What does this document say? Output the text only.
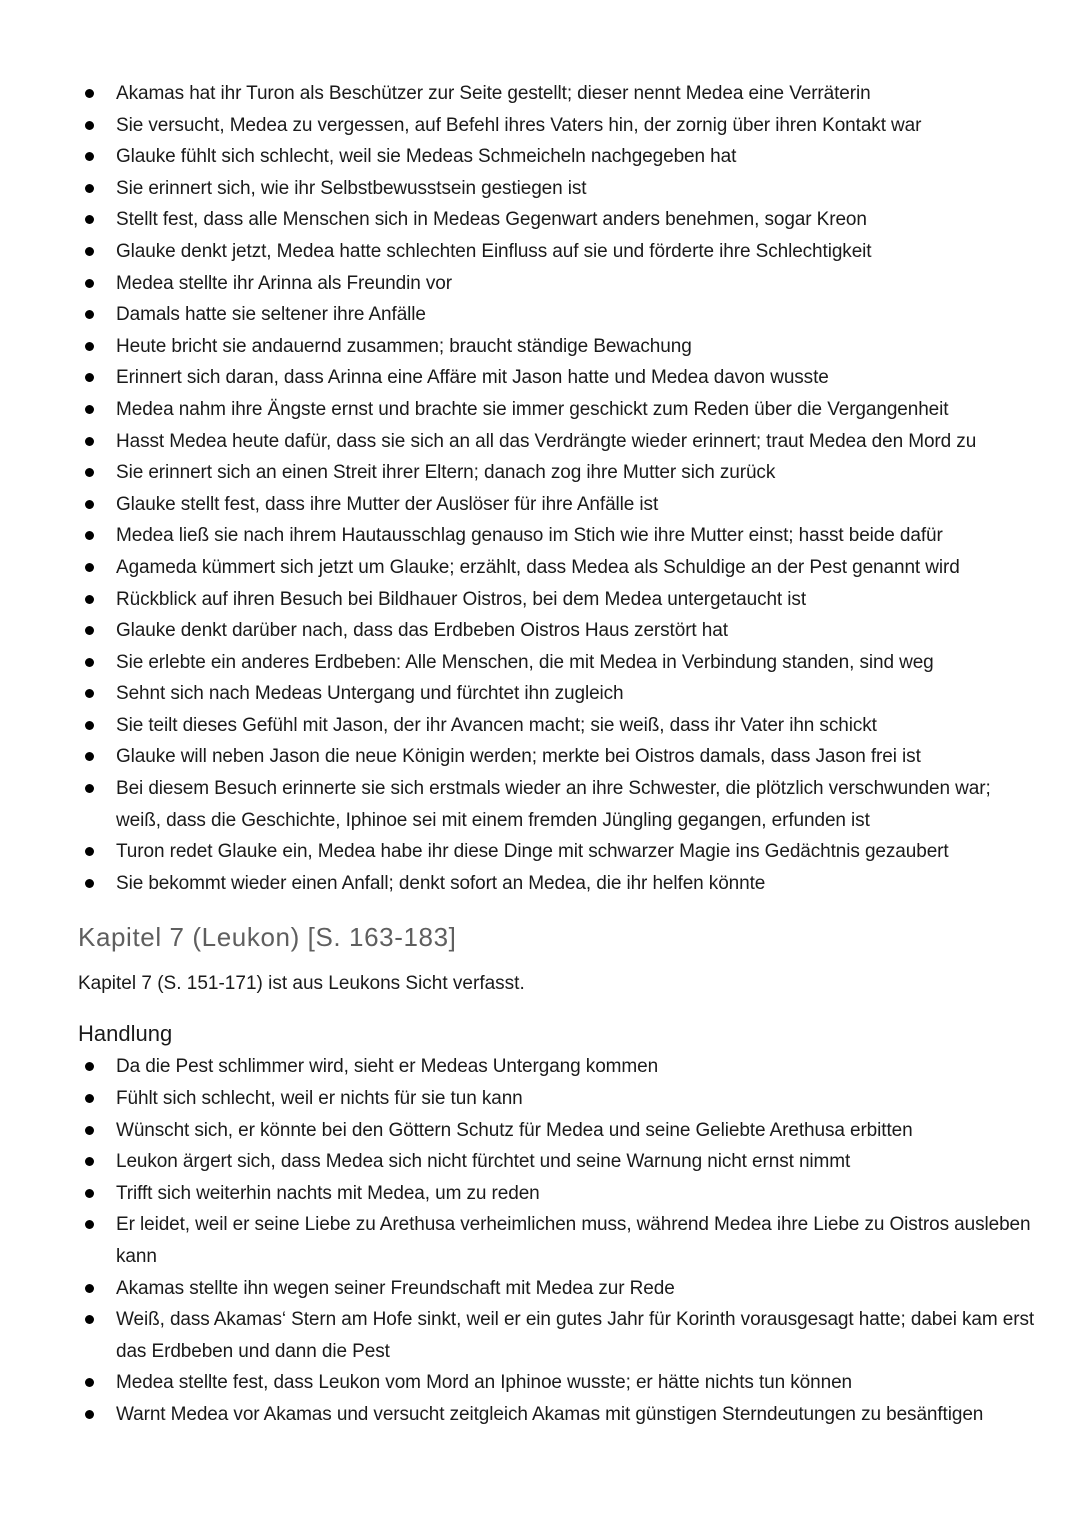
Akamas hat ihr Turon als Beschützer zur Seite gestellt; dieser nennt Medea eine Verräterin
Sie versucht, Medea zu vergessen, auf Befehl ihres Vaters hin, der zornig über ihren Kontakt war
Glauke fühlt sich schlecht, weil sie Medeas Schmeicheln nachgegeben hat
Sie erinnert sich, wie ihr Selbstbewusstsein gestiegen ist
Stellt fest, dass alle Menschen sich in Medeas Gegenwart anders benehmen, sogar Kreon
Glauke denkt jetzt, Medea hatte schlechten Einfluss auf sie und förderte ihre Schlechtigkeit
Medea stellte ihr Arinna als Freundin vor
Damals hatte sie seltener ihre Anfälle
Heute bricht sie andauernd zusammen; braucht ständige Bewachung
Erinnert sich daran, dass Arinna eine Affäre mit Jason hatte und Medea davon wusste
Medea nahm ihre Ängste ernst und brachte sie immer geschickt zum Reden über die Vergangenheit
Hasst Medea heute dafür, dass sie sich an all das Verdrängte wieder erinnert; traut Medea den Mord zu
Sie erinnert sich an einen Streit ihrer Eltern; danach zog ihre Mutter sich zurück
Glauke stellt fest, dass ihre Mutter der Auslöser für ihre Anfälle ist
Medea ließ sie nach ihrem Hautausschlag genauso im Stich wie ihre Mutter einst; hasst beide dafür
Agameda kümmert sich jetzt um Glauke; erzählt, dass Medea als Schuldige an der Pest genannt wird
Rückblick auf ihren Besuch bei Bildhauer Oistros, bei dem Medea untergetaucht ist
Glauke denkt darüber nach, dass das Erdbeben Oistros Haus zerstört hat
Sie erlebte ein anderes Erdbeben: Alle Menschen, die mit Medea in Verbindung standen, sind weg
Sehnt sich nach Medeas Untergang und fürchtet ihn zugleich
Sie teilt dieses Gefühl mit Jason, der ihr Avancen macht; sie weiß, dass ihr Vater ihn schickt
Glauke will neben Jason die neue Königin werden; merkte bei Oistros damals, dass Jason frei ist
Bei diesem Besuch erinnerte sie sich erstmals wieder an ihre Schwester, die plötzlich verschwunden war; weiß, dass die Geschichte, Iphinoe sei mit einem fremden Jüngling gegangen, erfunden ist
Turon redet Glauke ein, Medea habe ihr diese Dinge mit schwarzer Magie ins Gedächtnis gezaubert
Sie bekommt wieder einen Anfall; denkt sofort an Medea, die ihr helfen könnte
Kapitel 7 (Leukon) [S. 163-183]

Kapitel 7 (S. 151-171) ist aus Leukons Sicht verfasst.

Handlung
Da die Pest schlimmer wird, sieht er Medeas Untergang kommen
Fühlt sich schlecht, weil er nichts für sie tun kann
Wünscht sich, er könnte bei den Göttern Schutz für Medea und seine Geliebte Arethusa erbitten
Leukon ärgert sich, dass Medea sich nicht fürchtet und seine Warnung nicht ernst nimmt
Trifft sich weiterhin nachts mit Medea, um zu reden
Er leidet, weil er seine Liebe zu Arethusa verheimlichen muss, während Medea ihre Liebe zu Oistros ausleben kann
Akamas stellte ihn wegen seiner Freundschaft mit Medea zur Rede
Weiß, dass Akamas‘ Stern am Hofe sinkt, weil er ein gutes Jahr für Korinth vorausgesagt hatte; dabei kam erst das Erdbeben und dann die Pest
Medea stellte fest, dass Leukon vom Mord an Iphinoe wusste; er hätte nichts tun können
Warnt Medea vor Akamas und versucht zeitgleich Akamas mit günstigen Sterndeutungen zu besänftigen
